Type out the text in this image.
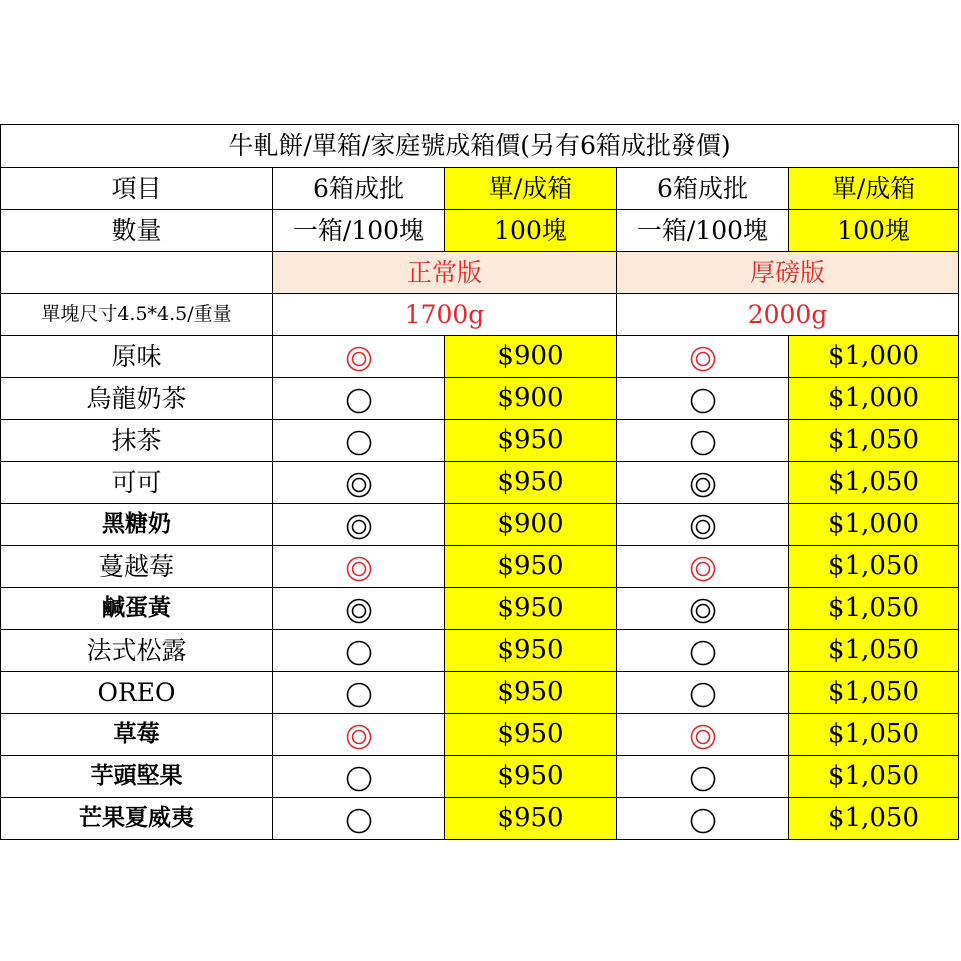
牛軋餅/單箱/家庭號成箱價(另有6箱成批發價)				
項目	6箱成批	單/成箱	6箱成批	單/成箱
數量	一箱/100塊	100塊	一箱/100塊	100塊
	正常版		厚磅版	
單塊尺寸4.5*4.5/重量	1700g		2000g	
原味		$900		$1,000
烏龍奶茶		$900		$1,000
抹茶		$950		$1,050
可可		$950		$1,050
黑糖奶		$900		$1,000
蔓越莓		$950		$1,050
鹹蛋黃		$950		$1,050
法式松露		$950		$1,050
OREO		$950		$1,050
草莓		$950		$1,050
芋頭堅果		$950		$1,050
芒果夏威夷		$950		$1,050
